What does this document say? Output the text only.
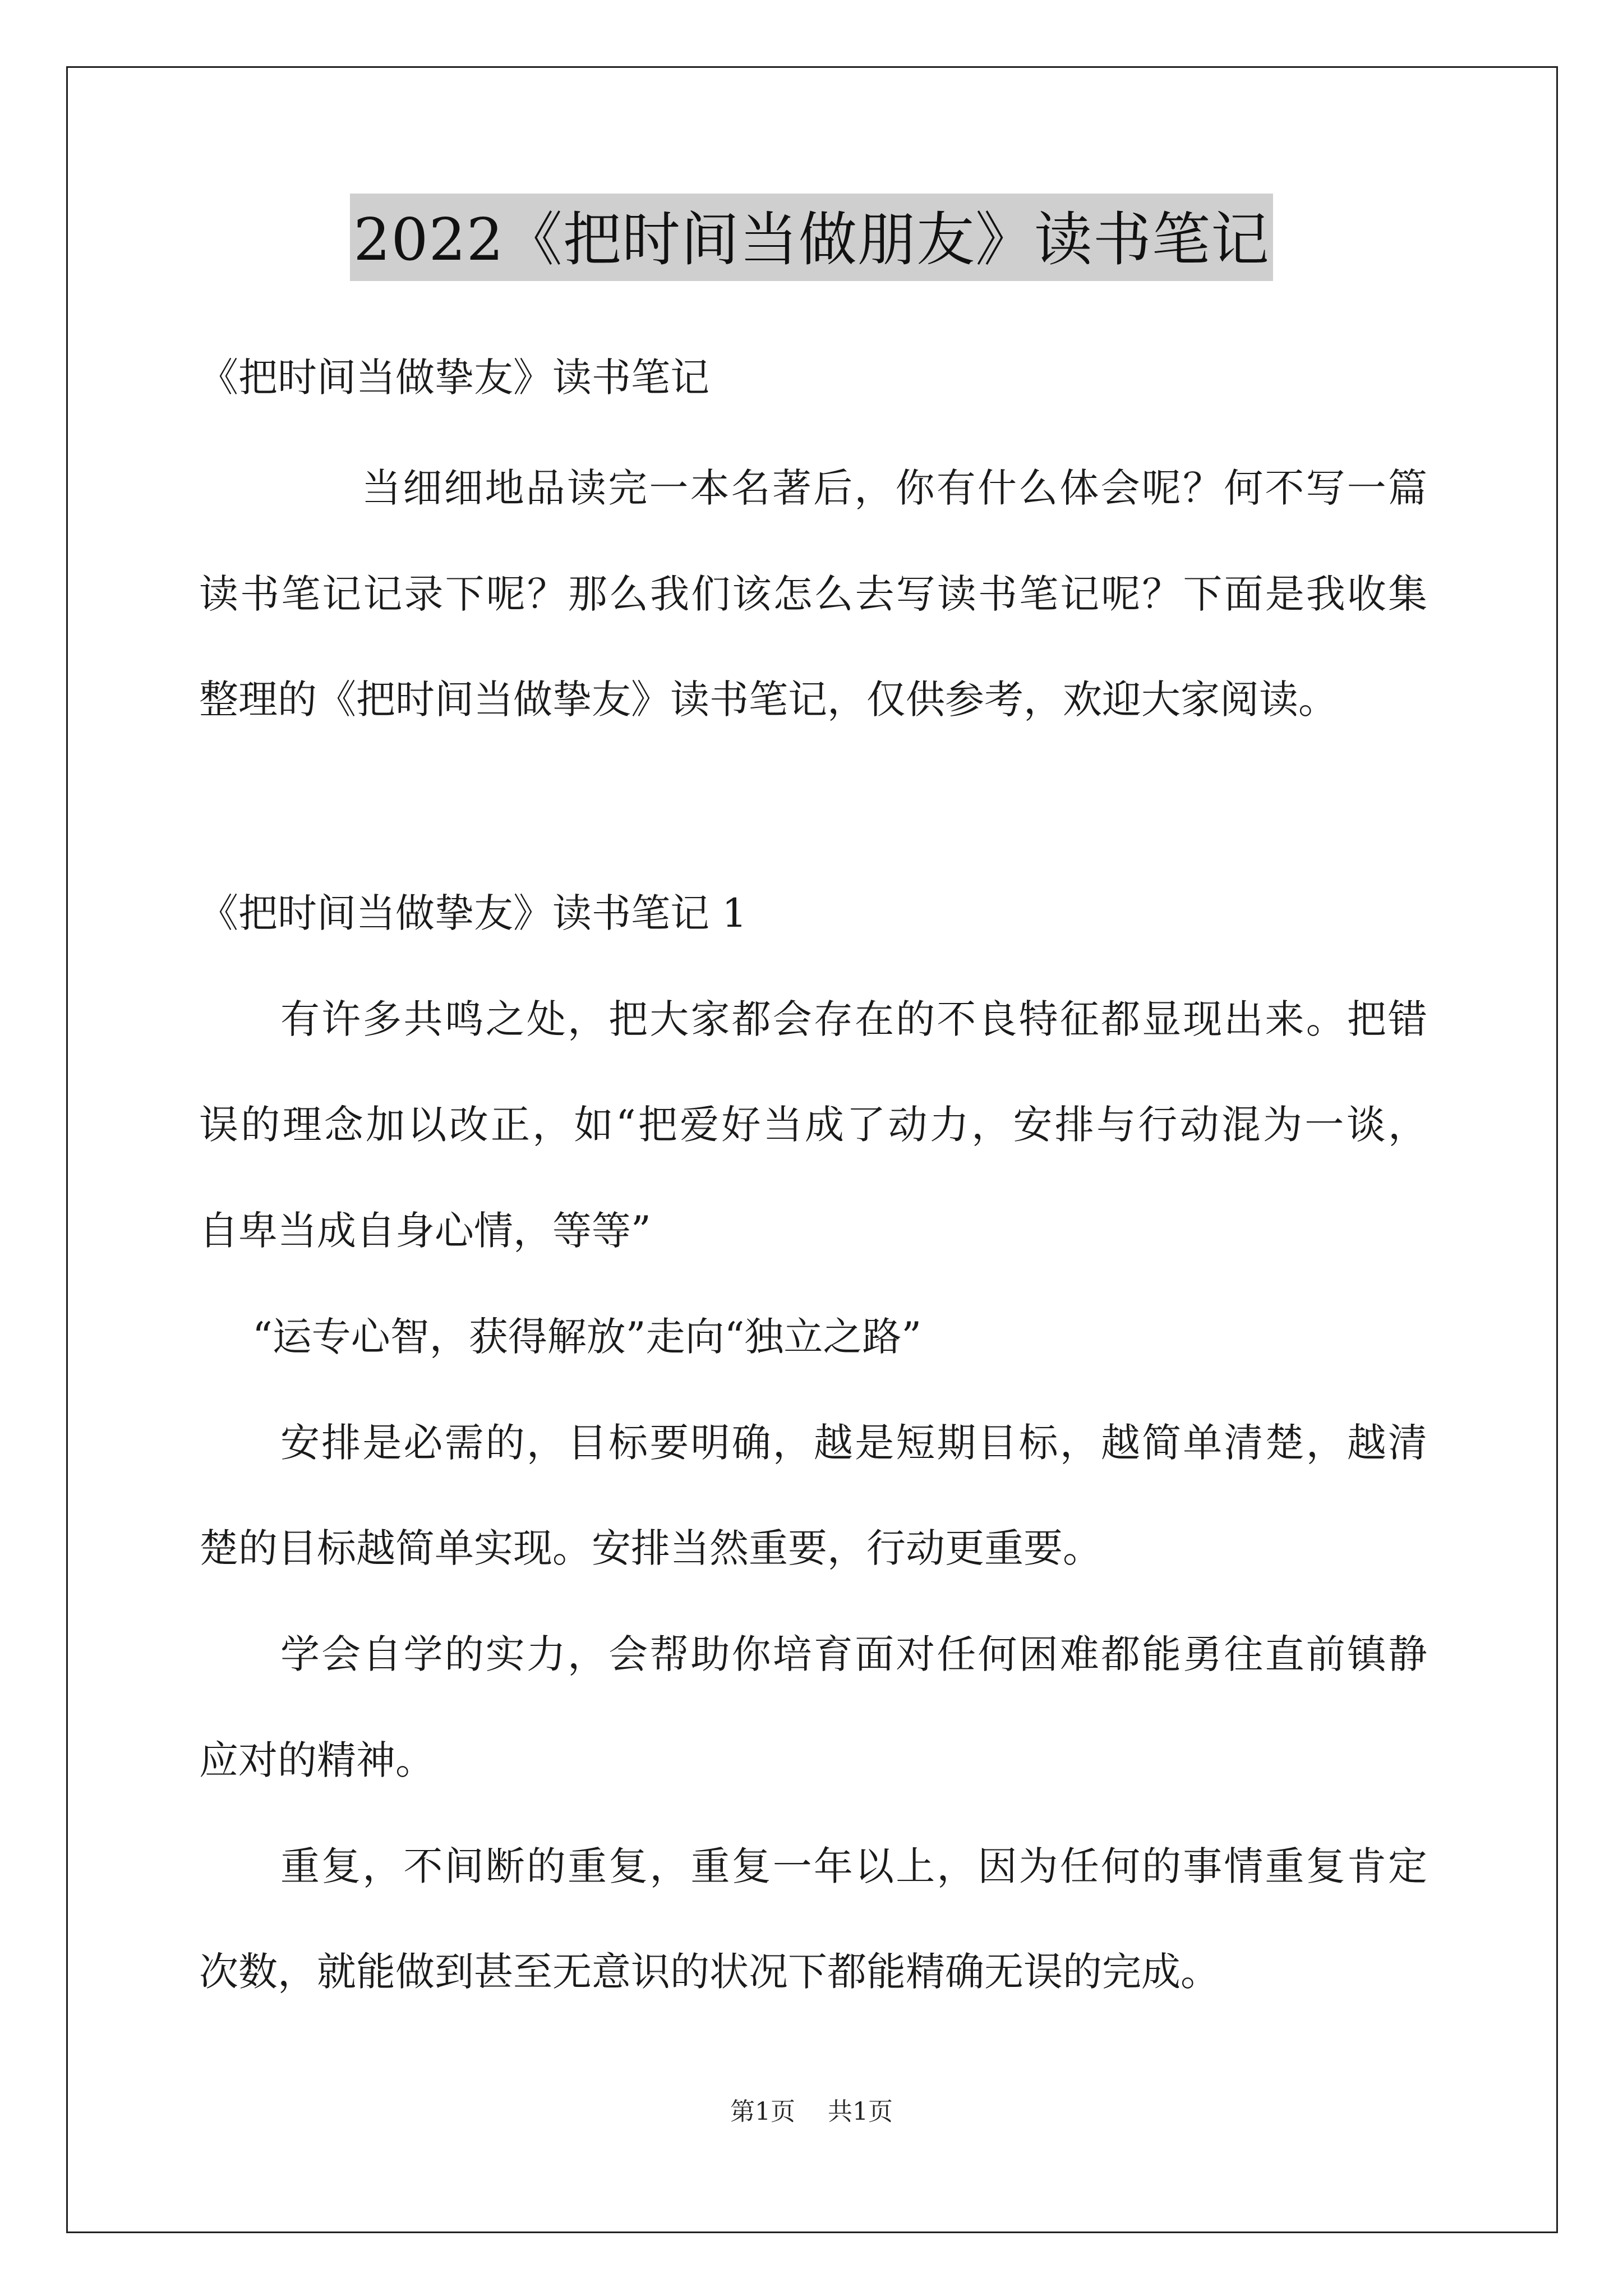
2022《把时间当做朋友》读书笔记
《把时间当做挚友》读书笔记
当细细地品读完一本名著后，你有什么体会呢？何不写一篇
读书笔记记录下呢？那么我们该怎么去写读书笔记呢？下面是我收集
整理的《把时间当做挚友》读书笔记，仅供参考，欢迎大家阅读。
《把时间当做挚友》读书笔记 1
有许多共鸣之处，把大家都会存在的不良特征都显现出来。把错
误的理念加以改正，如“把爱好当成了动力，安排与行动混为一谈，
自卑当成自身心情，等等”
“运专心智，获得解放”走向“独立之路”
安排是必需的，目标要明确，越是短期目标，越简单清楚，越清
楚的目标越简单实现。安排当然重要，行动更重要。
学会自学的实力，会帮助你培育面对任何困难都能勇往直前镇静
应对的精神。
重复，不间断的重复，重复一年以上，因为任何的事情重复肯定
次数，就能做到甚至无意识的状况下都能精确无误的完成。
第1页 共1页
